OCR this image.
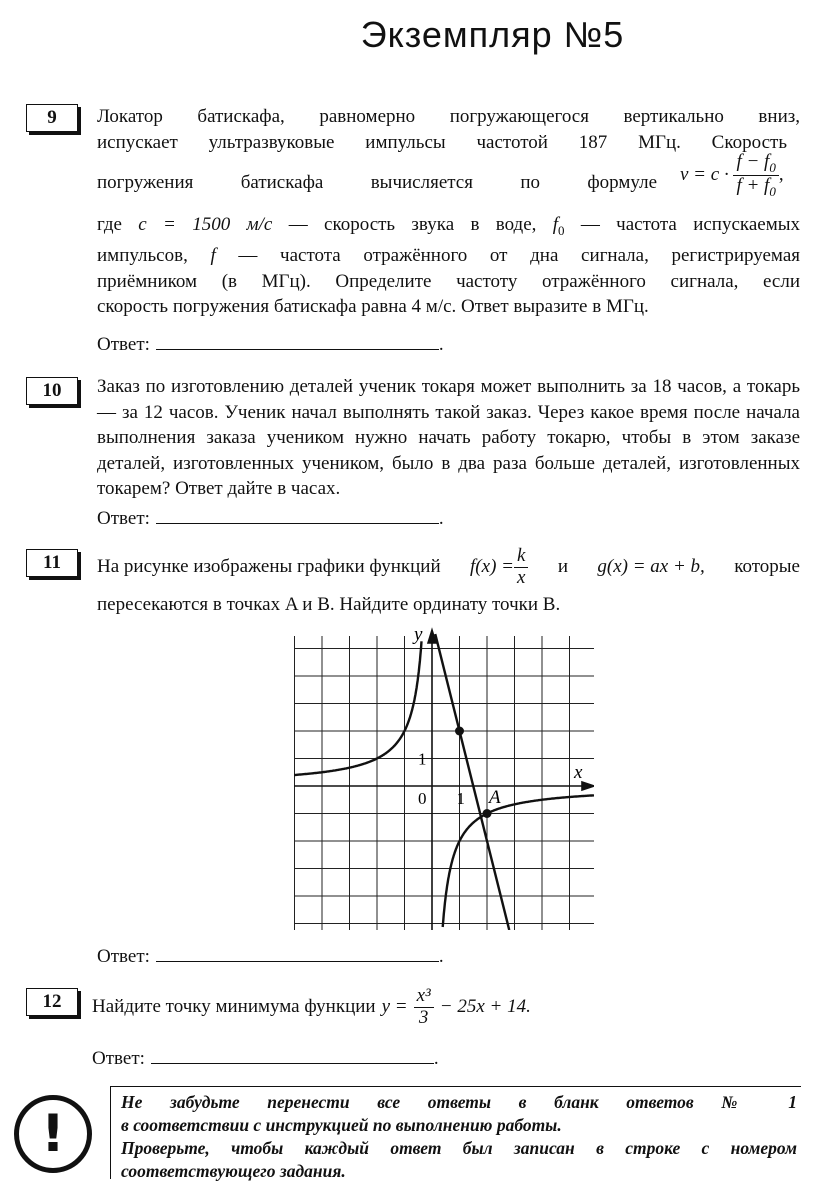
Экземпляр №5
9	Локатор батискафа, равномерно погружающегося вертикально вниз,
испускает ультразвуковые импульсы частотой 187 МГц. Скорость
погружения батискафа вычисляется по формуле $v = c \cdot \frac{f - f_0}{f + f_0}$ ,
где c = 1500 м/с — скорость звука в воде, $f_0$ — частота испускаемых
импульсов, f — частота отражённого от дна сигнала, регистрируемая
приёмником (в МГц). Определите частоту отражённого сигнала, если
скорость погружения батискафа равна 4 м/с. Ответ выразите в МГц.
Ответ:	.
10	Заказ по изготовлению деталей ученик токаря может выполнить за 18 часов, а токарь — за 12 часов. Ученик начал выполнять такой заказ. Через какое время после начала выполнения заказа учеником нужно начать работу токарю, чтобы в этом заказе деталей, изготовленных учеником, было в два раза больше деталей, изготовленных токарем? Ответ дайте в часах.
Ответ:	.
11	На рисунке изображены графики функций $f(x) = \frac{k}{x}$ и g(x) = ax + b, которые
пересекаются в точках A и B. Найдите ординату точки B.
x
y
0 1
1
A
Ответ:	.
12	Найдите точку минимума функции $y = \frac{\text{x³}}{3} - 25x + 14$.
Ответ:	.
!

Не забудьте перенести все ответы в бланк ответов № 1

в соответствии с инструкцией по выполнению работы.

Проверьте, чтобы каждый ответ был записан в строке с номером

соответствующего задания.
